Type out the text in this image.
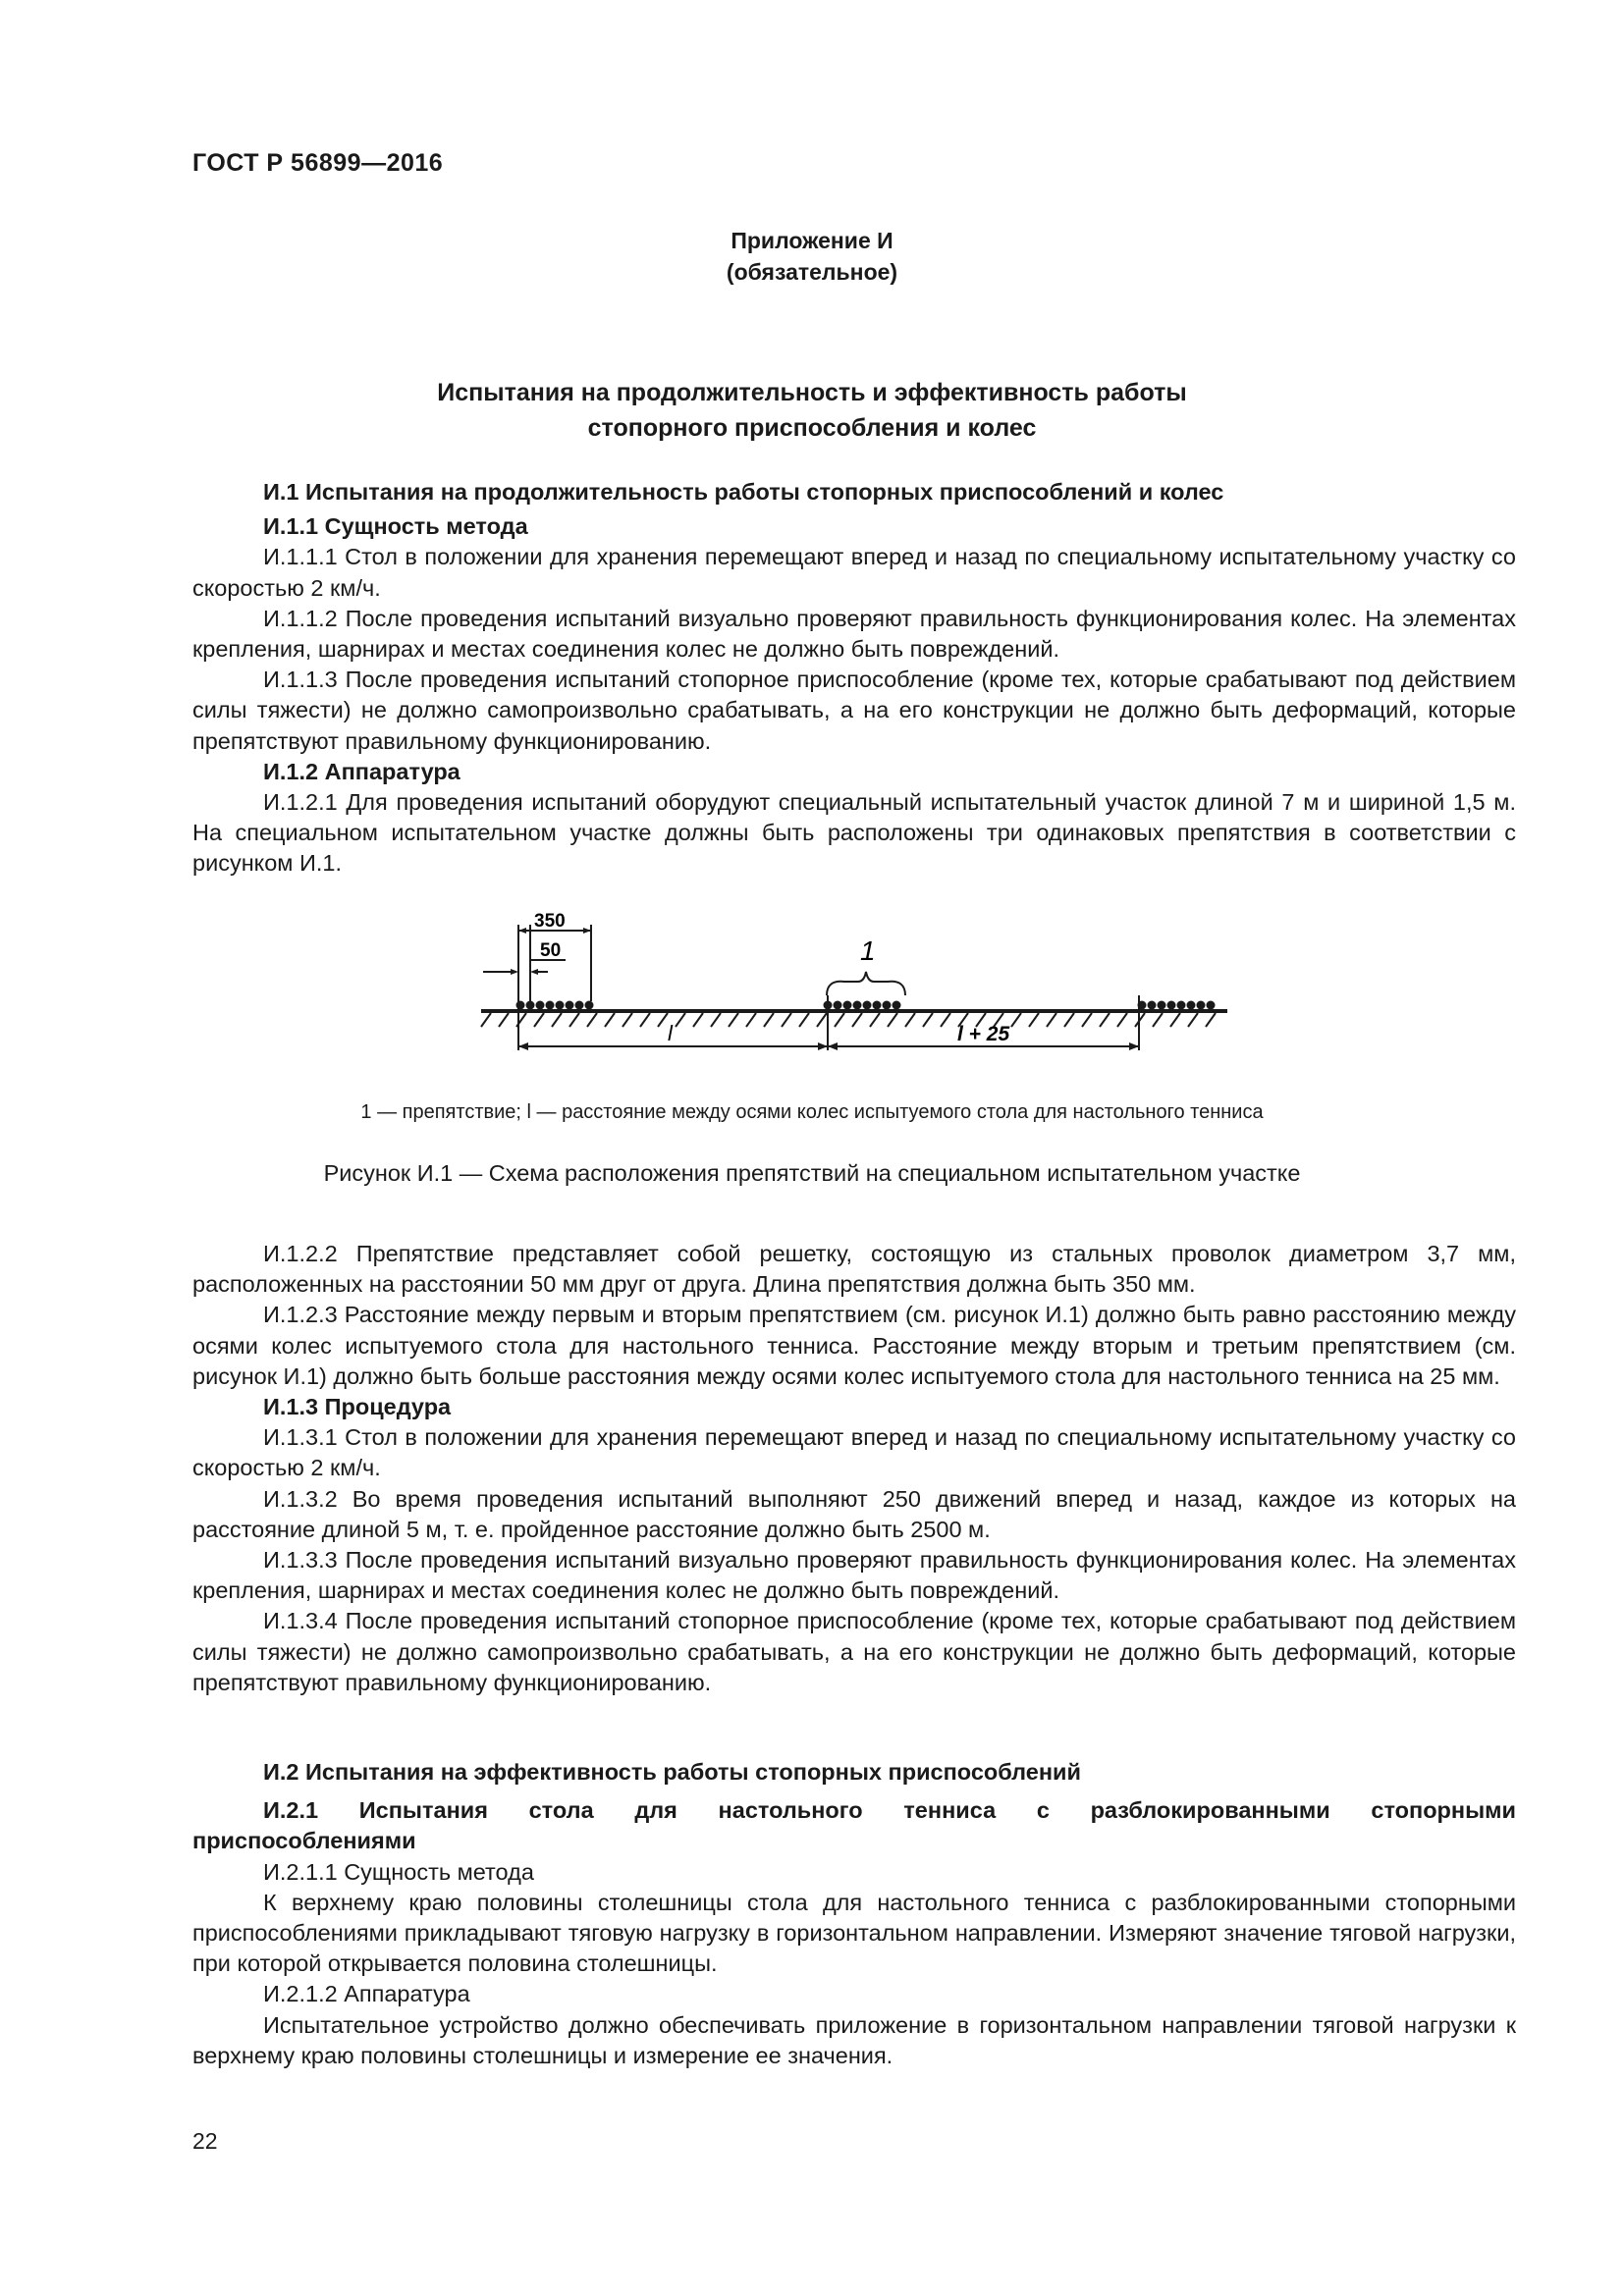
ГОСТ Р 56899—2016
Приложение И
(обязательное)
Испытания на продолжительность и эффективность работы
стопорного приспособления и колес

И.1 Испытания на продолжительность работы стопорных приспособлений и колес

И.1.1 Сущность метода

И.1.1.1 Стол в положении для хранения перемещают вперед и назад по специальному испытательному участку со скоростью 2 км/ч.

И.1.1.2 После проведения испытаний визуально проверяют правильность функционирования колес. На элементах крепления, шарнирах и местах соединения колес не должно быть повреждений.

И.1.1.3 После проведения испытаний стопорное приспособление (кроме тех, которые срабатывают под действием силы тяжести) не должно самопроизвольно срабатывать, а на его конструкции не должно быть деформаций, которые препятствуют правильному функционированию.

И.1.2 Аппаратура

И.1.2.1 Для проведения испытаний оборудуют специальный испытательный участок длиной 7 м и шириной 1,5 м. На специальном испытательном участке должны быть расположены три одинаковых препятствия в соответствии с рисунком И.1.

350
50	1
l	l + 25
1 — препятствие; l — расстояние между осями колес испытуемого стола для настольного тенниса
Рисунок И.1 — Схема расположения препятствий на специальном испытательном участке

И.1.2.2 Препятствие представляет собой решетку, состоящую из стальных проволок диаметром 3,7 мм, расположенных на расстоянии 50 мм друг от друга. Длина препятствия должна быть 350 мм.

И.1.2.3 Расстояние между первым и вторым препятствием (см. рисунок И.1) должно быть равно расстоянию между осями колес испытуемого стола для настольного тенниса. Расстояние между вторым и третьим препятствием (см. рисунок И.1) должно быть больше расстояния между осями колес испытуемого стола для настольного тенниса на 25 мм.

И.1.3 Процедура

И.1.3.1 Стол в положении для хранения перемещают вперед и назад по специальному испытательному участку со скоростью 2 км/ч.

И.1.3.2 Во время проведения испытаний выполняют 250 движений вперед и назад, каждое из которых на расстояние длиной 5 м, т. е. пройденное расстояние должно быть 2500 м.

И.1.3.3 После проведения испытаний визуально проверяют правильность функционирования колес. На элементах крепления, шарнирах и местах соединения колес не должно быть повреждений.

И.1.3.4 После проведения испытаний стопорное приспособление (кроме тех, которые срабатывают под действием силы тяжести) не должно самопроизвольно срабатывать, а на его конструкции не должно быть деформаций, которые препятствуют правильному функционированию.

И.2 Испытания на эффективность работы стопорных приспособлений

И.2.1 Испытания стола для настольного тенниса с разблокированными стопорными

приспособлениями

И.2.1.1 Сущность метода

К верхнему краю половины столешницы стола для настольного тенниса с разблокированными стопорными приспособлениями прикладывают тяговую нагрузку в горизонтальном направлении. Измеряют значение тяговой нагрузки, при которой открывается половина столешницы.

И.2.1.2 Аппаратура

Испытательное устройство должно обеспечивать приложение в горизонтальном направлении тяговой нагрузки к верхнему краю половины столешницы и измерение ее значения.

22
